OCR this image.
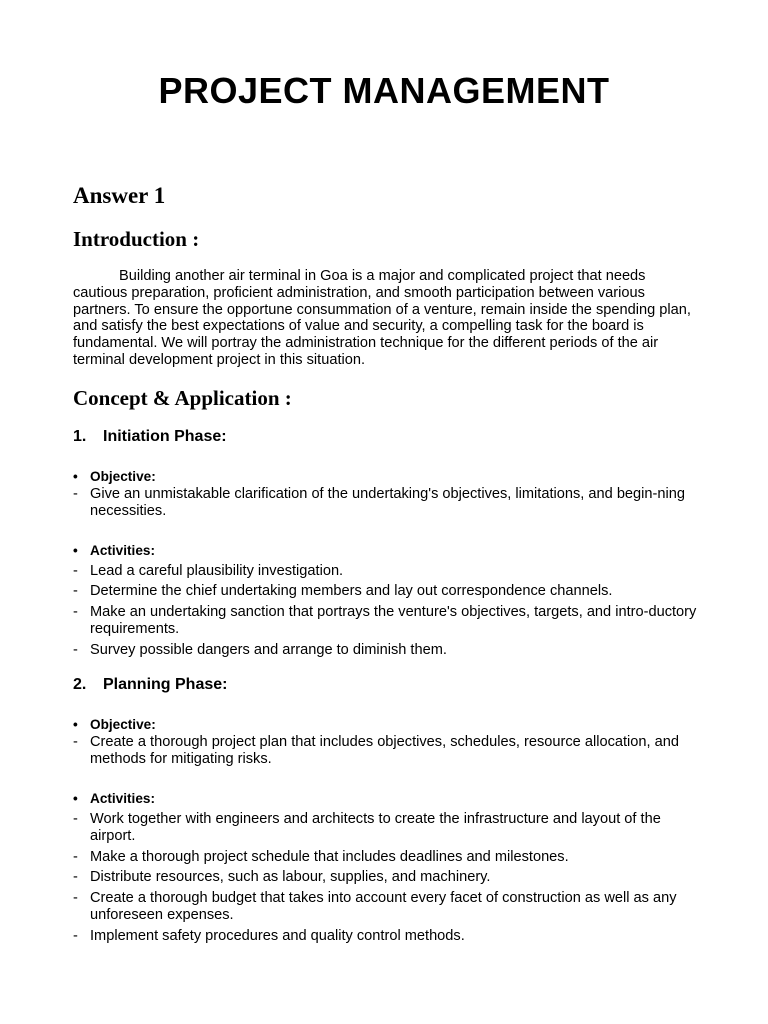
PROJECT MANAGEMENT
Answer 1
Introduction :

Building another air terminal in Goa is a major and complicated project that needs cautious preparation, proficient administration, and smooth participation between various partners. To ensure the opportune consummation of a venture, remain inside the spending plan, and satisfy the best expectations of value and security, a compelling task for the board is fundamental. We will portray the administration technique for the different periods of the air terminal development project in this situation.

Concept & Application :
1. Initiation Phase:
• Objective:
- Give an unmistakable clarification of the undertaking's objectives, limitations, and begin-ning necessities.
• Activities:
- Lead a careful plausibility investigation.
- Determine the chief undertaking members and lay out correspondence channels.
- Make an undertaking sanction that portrays the venture's objectives, targets, and intro-ductory requirements.
- Survey possible dangers and arrange to diminish them.
2. Planning Phase:
• Objective:
- Create a thorough project plan that includes objectives, schedules, resource allocation, and methods for mitigating risks.
• Activities:
- Work together with engineers and architects to create the infrastructure and layout of the airport.
- Make a thorough project schedule that includes deadlines and milestones.
- Distribute resources, such as labour, supplies, and machinery.
- Create a thorough budget that takes into account every facet of construction as well as any unforeseen expenses.
- Implement safety procedures and quality control methods.
